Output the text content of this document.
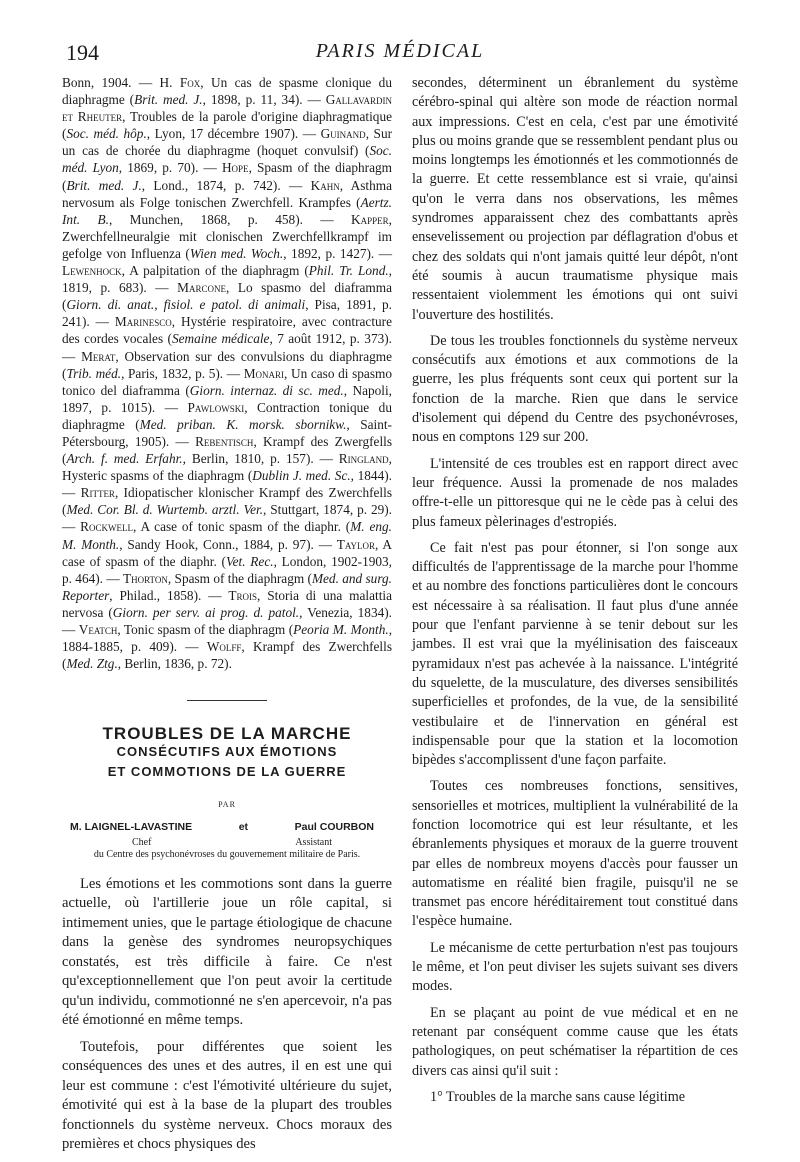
194	PARIS MÉDICAL

Bonn, 1904. — H. Fox, Un cas de spasme clonique du diaphragme (Brit. med. J., 1898, p. 11, 34). — Gallavardin et Rheuter, Troubles de la parole d'origine diaphragmatique (Soc. méd. hôp., Lyon, 17 décembre 1907). — Guinand, Sur un cas de chorée du diaphragme (hoquet convulsif) (Soc. méd. Lyon, 1869, p. 70). — Hope, Spasm of the diaphragm (Brit. med. J., Lond., 1874, p. 742). — Kahn, Asthma nervosum als Folge tonischen Zwerchfell. Krampfes (Aertz. Int. B., Munchen, 1868, p. 458). — Kapper, Zwerchfellneuralgie mit clonischen Zwerchfellkrampf im gefolge von Influenza (Wien med. Woch., 1892, p. 1427). — Lewenhock, A palpitation of the diaphragm (Phil. Tr. Lond., 1819, p. 683). — Marcone, Lo spasmo del diaframma (Giorn. di. anat., fisiol. e patol. di animali, Pisa, 1891, p. 241). — Marinesco, Hystérie respiratoire, avec contracture des cordes vocales (Semaine médicale, 7 août 1912, p. 373). — Merat, Observation sur des convulsions du diaphragme (Trib. méd., Paris, 1832, p. 5). — Monari, Un caso di spasmo tonico del diaframma (Giorn. internaz. di sc. med., Napoli, 1897, p. 1015). — Pawlowski, Contraction tonique du diaphragme (Med. priban. K. morsk. sbornikw., Saint-Pétersbourg, 1905). — Rebentisch, Krampf des Zwergfells (Arch. f. med. Erfahr., Berlin, 1810, p. 157). — Ringland, Hysteric spasms of the diaphragm (Dublin J. med. Sc., 1844). — Ritter, Idiopatischer klonischer Krampf des Zwerchfells (Med. Cor. Bl. d. Wurtemb. arztl. Ver., Stuttgart, 1874, p. 29). — Rockwell, A case of tonic spasm of the diaphr. (M. eng. M. Month., Sandy Hook, Conn., 1884, p. 97). — Taylor, A case of spasm of the diaphr. (Vet. Rec., London, 1902-1903, p. 464). — Thorton, Spasm of the diaphragm (Med. and surg. Reporter, Philad., 1858). — Trois, Storia di una malattia nervosa (Giorn. per serv. ai prog. d. patol., Venezia, 1834). — Veatch, Tonic spasm of the diaphragm (Peoria M. Month., 1884-1885, p. 409). — Wolff, Krampf des Zwerchfells (Med. Ztg., Berlin, 1836, p. 72).

TROUBLES DE LA MARCHE
CONSÉCUTIFS AUX ÉMOTIONS
ET COMMOTIONS DE LA GUERRE
PAR
M. LAIGNEL-LAVASTINE	et	Paul COURBON
Chef	Assistant
du Centre des psychonévroses du gouvernement militaire de Paris.

Les émotions et les commotions sont dans la guerre actuelle, où l'artillerie joue un rôle capital, si intimement unies, que le partage étiologique de chacune dans la genèse des syndromes neuropsychiques constatés, est très difficile à faire. Ce n'est qu'exceptionnellement que l'on peut avoir la certitude qu'un individu, commotionné ne s'en apercevoir, n'a pas été émotionné en même temps.

Toutefois, pour différentes que soient les conséquences des unes et des autres, il en est une qui leur est commune : c'est l'émotivité ultérieure du sujet, émotivité qui est à la base de la plupart des troubles fonctionnels du système nerveux. Chocs moraux des premières et chocs physiques des

secondes, déterminent un ébranlement du système cérébro-spinal qui altère son mode de réaction normal aux impressions. C'est en cela, c'est par une émotivité plus ou moins grande que se ressemblent pendant plus ou moins longtemps les émotionnés et les commotionnés de la guerre. Et cette ressemblance est si vraie, qu'ainsi qu'on le verra dans nos observations, les mêmes syndromes apparaissent chez des combattants après ensevelissement ou projection par déflagration d'obus et chez des soldats qui n'ont jamais quitté leur dépôt, n'ont été soumis à aucun traumatisme physique mais ressentaient violemment les émotions qui ont suivi l'ouverture des hostilités.

De tous les troubles fonctionnels du système nerveux consécutifs aux émotions et aux commotions de la guerre, les plus fréquents sont ceux qui portent sur la fonction de la marche. Rien que dans le service d'isolement qui dépend du Centre des psychonévroses, nous en comptons 129 sur 200.

L'intensité de ces troubles est en rapport direct avec leur fréquence. Aussi la promenade de nos malades offre-t-elle un pittoresque qui ne le cède pas à celui des plus fameux pèlerinages d'estropiés.

Ce fait n'est pas pour étonner, si l'on songe aux difficultés de l'apprentissage de la marche pour l'homme et au nombre des fonctions particulières dont le concours est nécessaire à sa réalisation. Il faut plus d'une année pour que l'enfant parvienne à se tenir debout sur les jambes. Il est vrai que la myélinisation des faisceaux pyramidaux n'est pas achevée à la naissance. L'intégrité du squelette, de la musculature, des diverses sensibilités superficielles et profondes, de la vue, de la sensibilité vestibulaire et de l'innervation en général est indispensable pour que la station et la locomotion bipèdes s'accomplissent d'une façon parfaite.

Toutes ces nombreuses fonctions, sensitives, sensorielles et motrices, multiplient la vulnérabilité de la fonction locomotrice qui est leur résultante, et les ébranlements physiques et moraux de la guerre trouvent par elles de nombreux moyens d'accès pour fausser un automatisme en réalité bien fragile, puisqu'il ne se transmet pas encore héréditairement tout constitué dans l'espèce humaine.

Le mécanisme de cette perturbation n'est pas toujours le même, et l'on peut diviser les sujets suivant ses divers modes.

En se plaçant au point de vue médical et en ne retenant par conséquent comme cause que les états pathologiques, on peut schématiser la répartition de ces divers cas ainsi qu'il suit :

1° Troubles de la marche sans cause légitime
